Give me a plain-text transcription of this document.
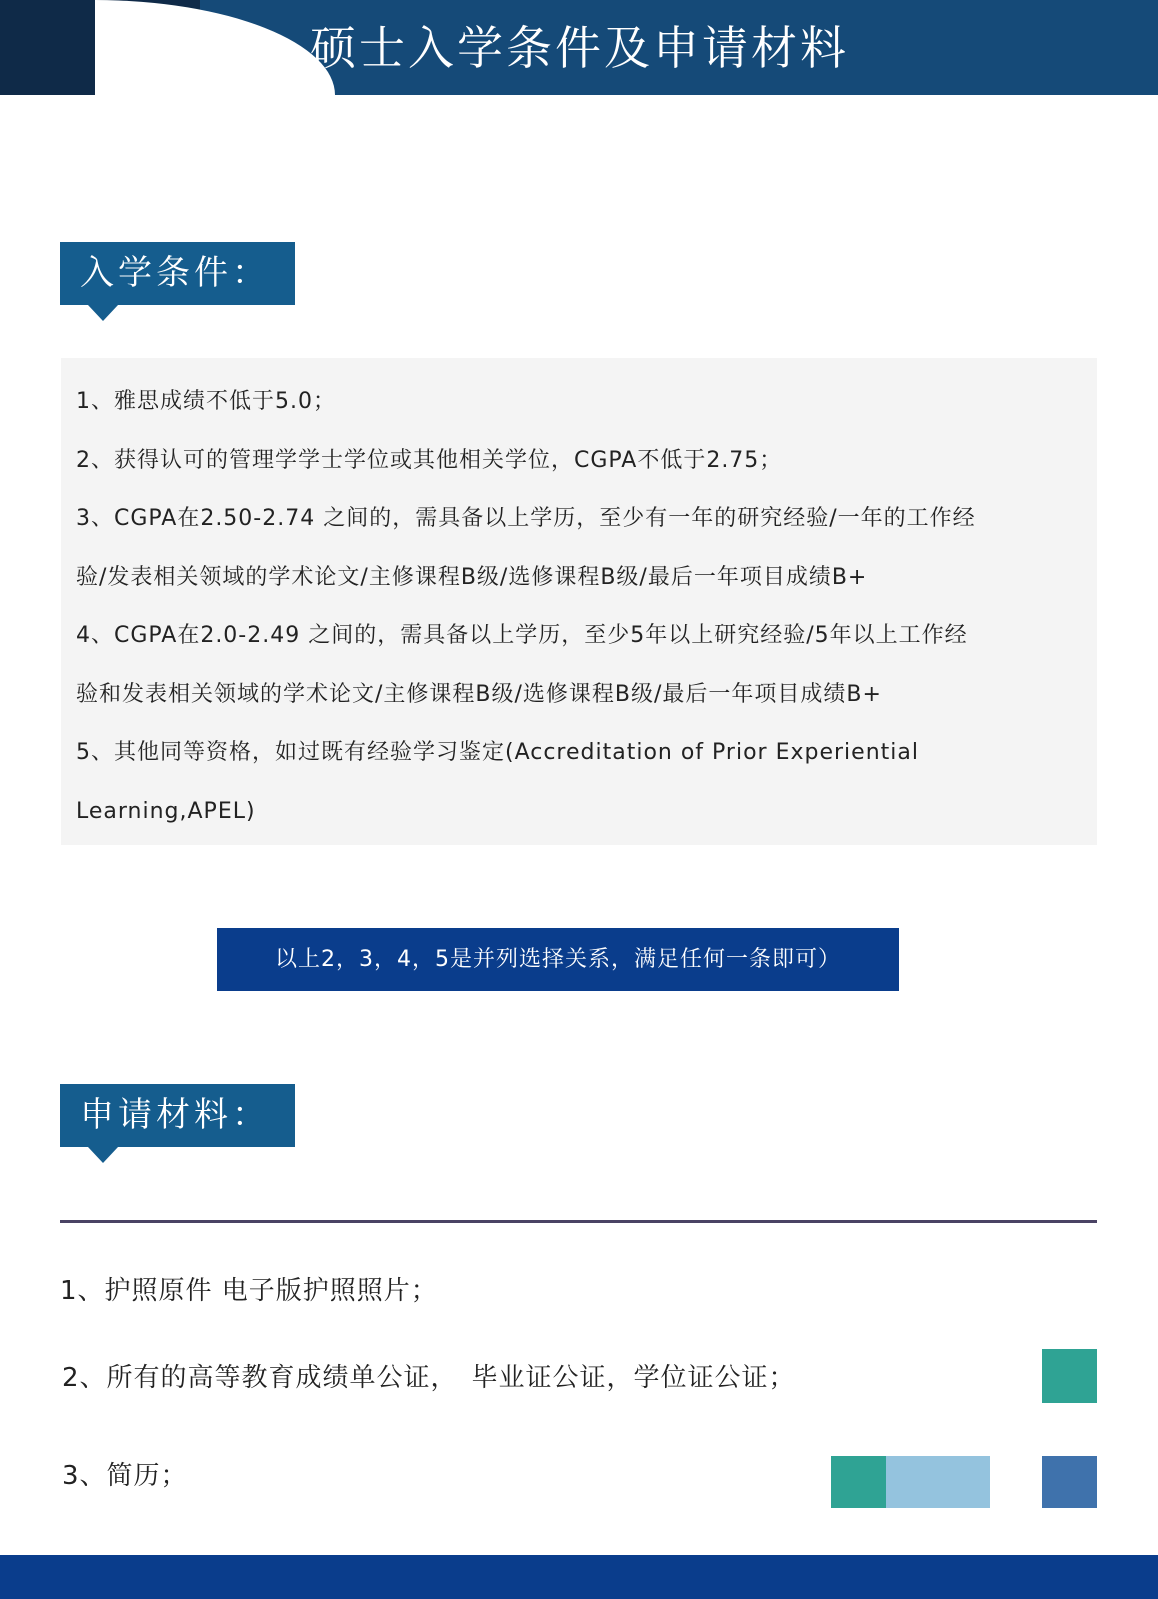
硕士入学条件及申请材料
入学条件：
1、雅思成绩不低于5.0；
2、获得认可的管理学学士学位或其他相关学位，CGPA不低于2.75；
3、CGPA在2.50-2.74 之间的，需具备以上学历，至少有一年的研究经验/一年的工作经
验/发表相关领域的学术论文/主修课程B级/选修课程B级/最后一年项目成绩B+
4、CGPA在2.0-2.49 之间的，需具备以上学历，至少5年以上研究经验/5年以上工作经
验和发表相关领域的学术论文/主修课程B级/选修课程B级/最后一年项目成绩B+
5、其他同等资格，如过既有经验学习鉴定(Accreditation of Prior Experiential
Learning,APEL)
以上2，3，4，5是并列选择关系，满足任何一条即可）
申请材料：
1、护照原件 电子版护照照片；
2、所有的高等教育成绩单公证，　毕业证公证，学位证公证；
3、简历；
